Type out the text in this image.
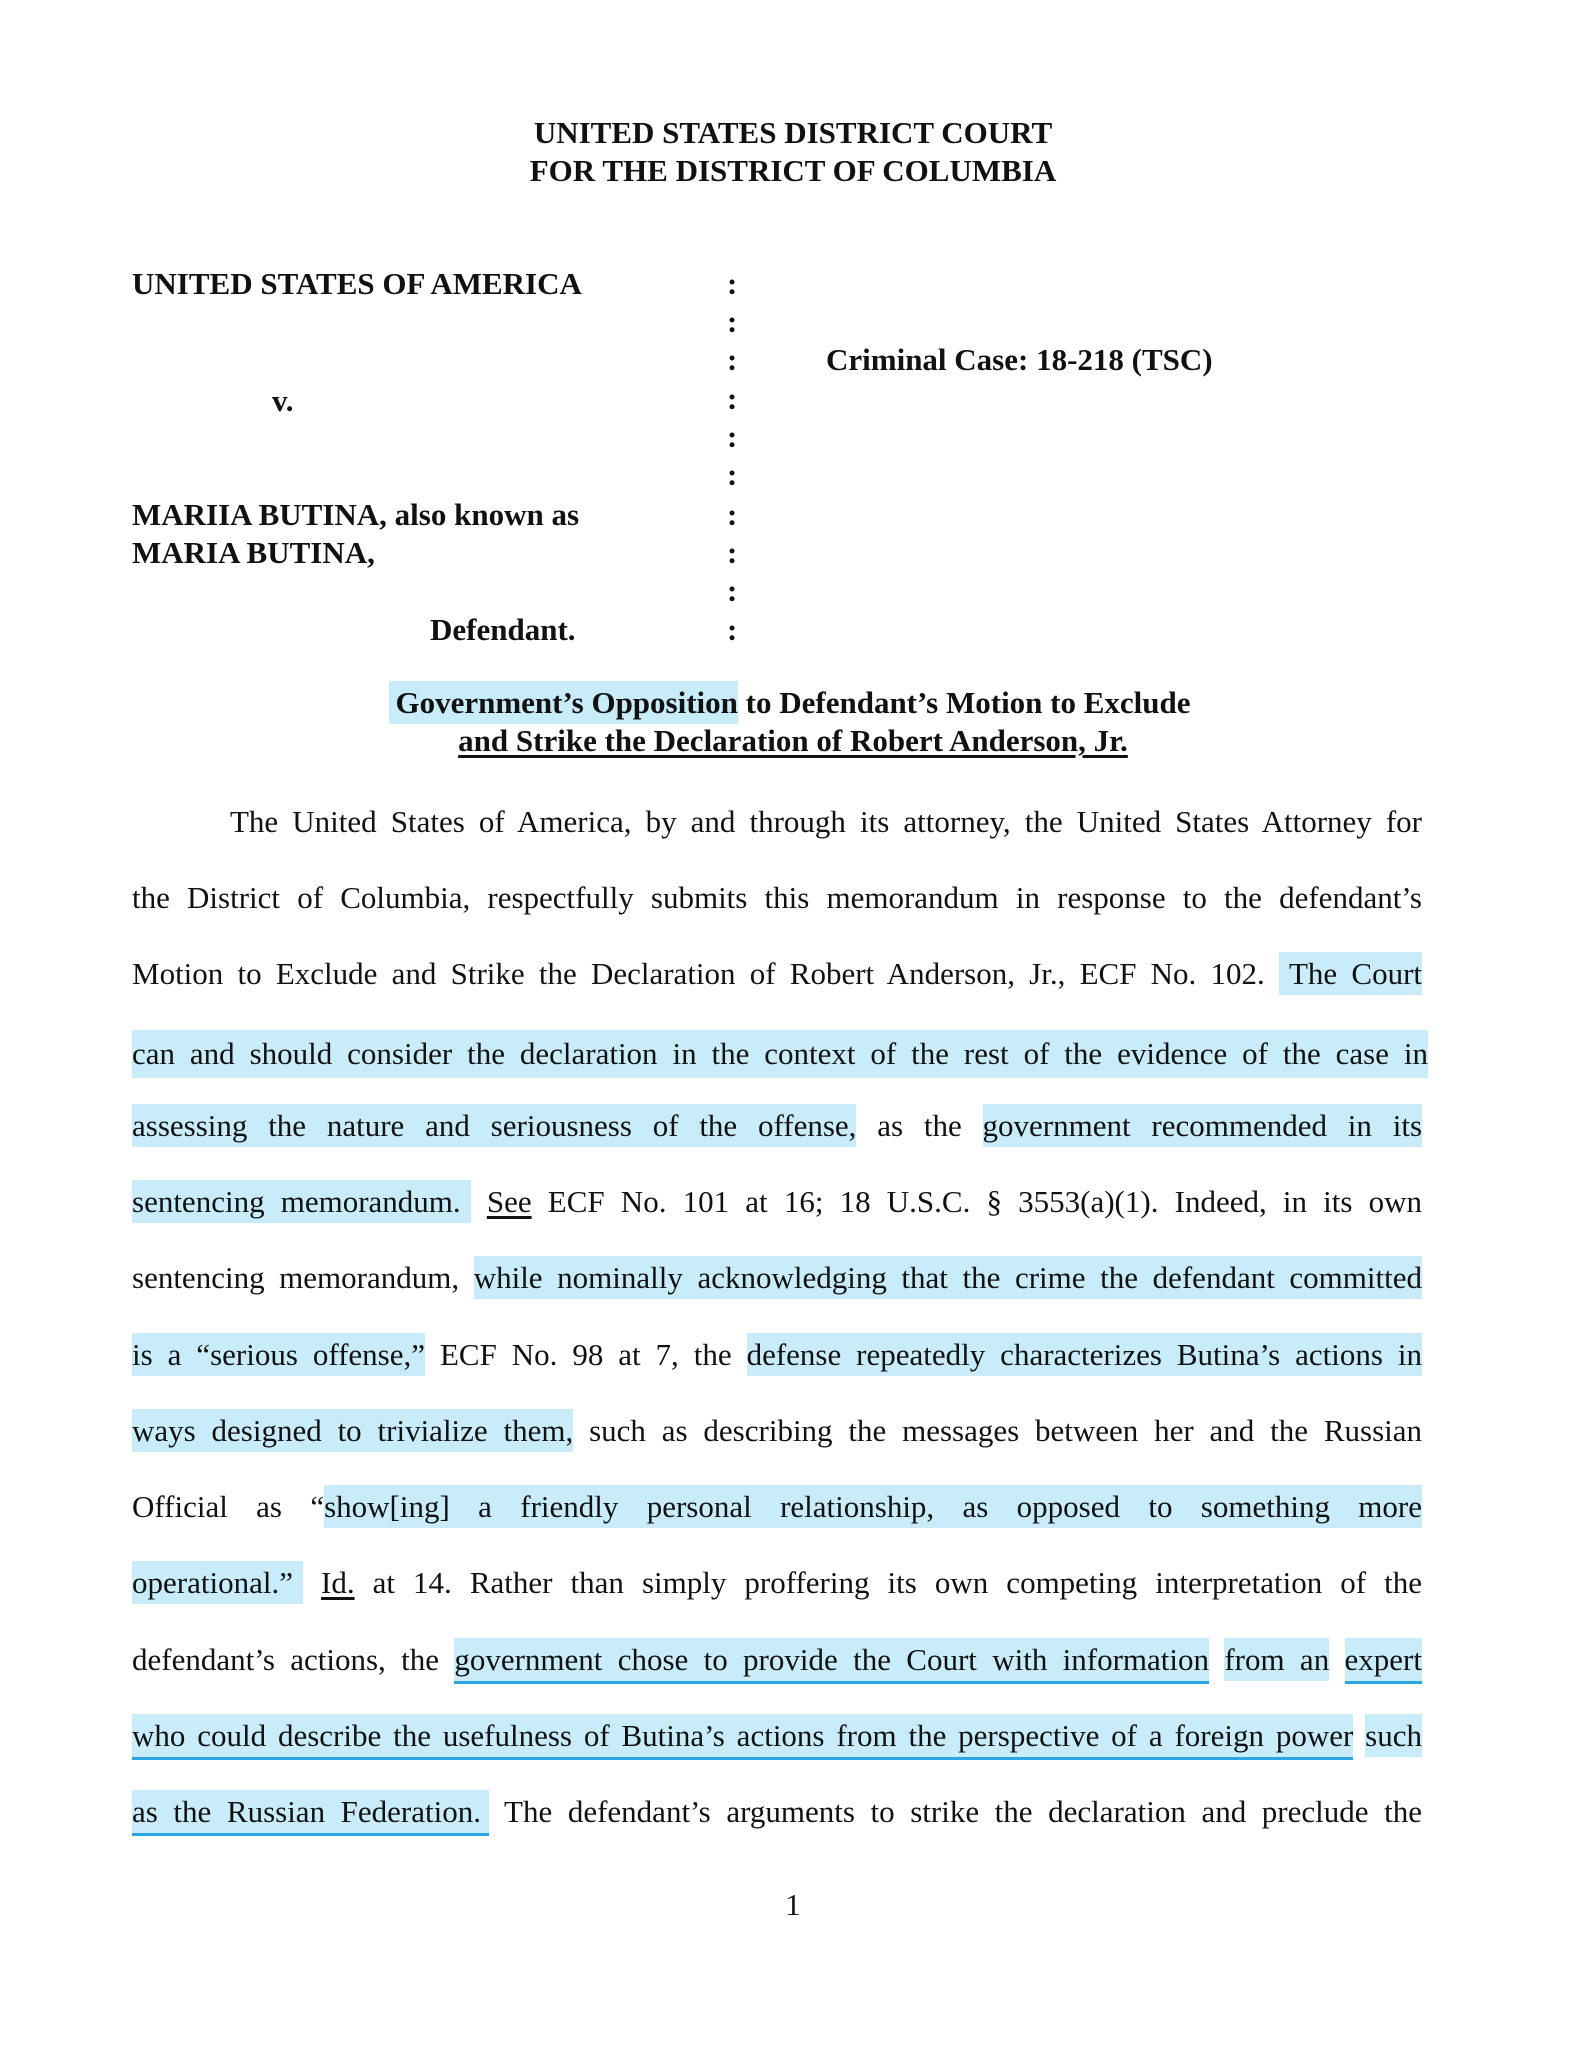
UNITED STATES DISTRICT COURT
FOR THE DISTRICT OF COLUMBIA
UNITED STATES OF AMERICA
v.
MARIIA BUTINA, also known as
MARIA BUTINA,
Defendant.
Criminal Case: 18-218 (TSC)
:
:
:
:
:
:
:
:
:
:
Government’s Opposition to Defendant’s Motion to Exclude
and Strike the Declaration of Robert Anderson, Jr.
The United States of America, by and through its attorney, the United States Attorney for
the District of Columbia, respectfully submits this memorandum in response to the defendant’s
Motion to Exclude and Strike the Declaration of Robert Anderson, Jr., ECF No. 102. The Court
can and should consider the declaration in the context of the rest of the evidence of the case in
assessing the nature and seriousness of the offense, as the government recommended in its
sentencing memorandum. See ECF No. 101 at 16; 18 U.S.C. § 3553(a)(1). Indeed, in its own
sentencing memorandum, while nominally acknowledging that the crime the defendant committed
is a “serious offense,” ECF No. 98 at 7, the defense repeatedly characterizes Butina’s actions in
ways designed to trivialize them, such as describing the messages between her and the Russian
Official as “show[ing] a friendly personal relationship, as opposed to something more
operational.” Id. at 14. Rather than simply proffering its own competing interpretation of the
defendant’s actions, the government chose to provide the Court with information from an expert
who could describe the usefulness of Butina’s actions from the perspective of a foreign power such
as the Russian Federation. The defendant’s arguments to strike the declaration and preclude the
1
